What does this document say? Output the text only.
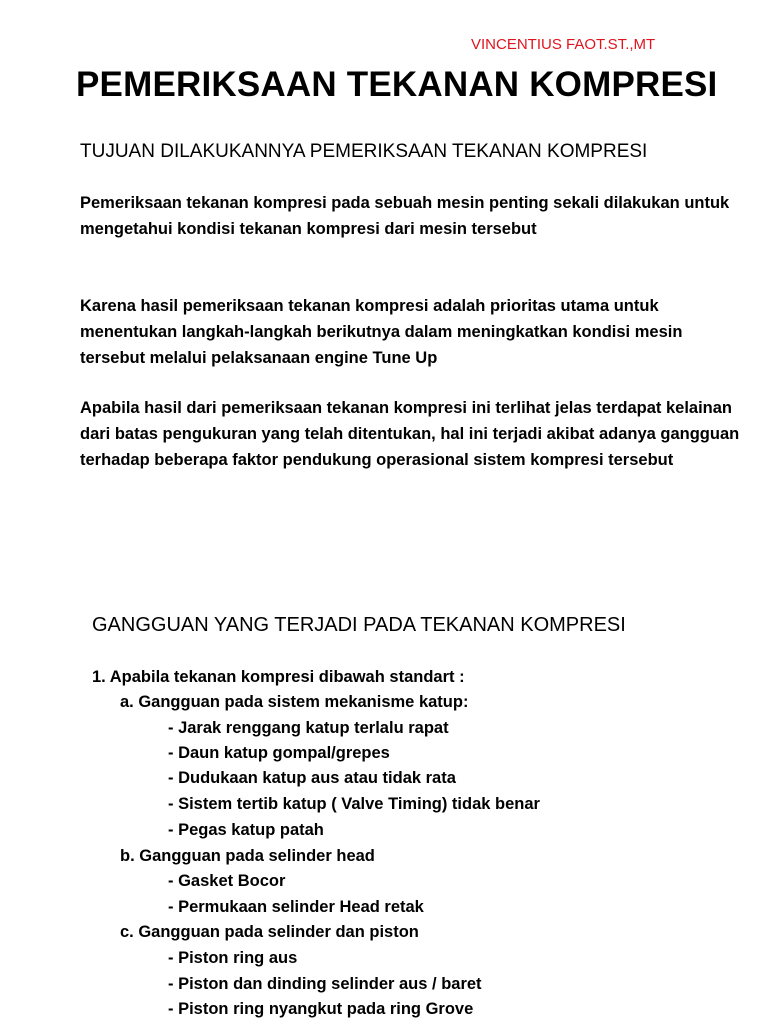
VINCENTIUS FAOT.ST.,MT
PEMERIKSAAN TEKANAN KOMPRESI
TUJUAN DILAKUKANNYA PEMERIKSAAN TEKANAN KOMPRESI
Pemeriksaan tekanan kompresi pada sebuah mesin penting sekali dilakukan untuk mengetahui kondisi tekanan kompresi dari mesin tersebut
Karena hasil pemeriksaan tekanan kompresi adalah prioritas utama untuk menentukan langkah-langkah berikutnya dalam meningkatkan kondisi mesin tersebut melalui pelaksanaan engine Tune Up
Apabila hasil dari pemeriksaan tekanan kompresi ini terlihat jelas terdapat kelainan dari batas pengukuran yang telah ditentukan, hal ini terjadi akibat adanya gangguan terhadap beberapa faktor pendukung operasional sistem kompresi tersebut
GANGGUAN YANG TERJADI PADA TEKANAN KOMPRESI
1. Apabila tekanan kompresi dibawah standart :
a. Gangguan pada sistem mekanisme katup:
- Jarak renggang katup terlalu rapat
- Daun katup gompal/grepes
- Dudukaan katup aus atau tidak rata
- Sistem tertib katup ( Valve Timing) tidak benar
- Pegas katup patah
b. Gangguan pada selinder head
- Gasket Bocor
- Permukaan selinder Head retak
c. Gangguan pada selinder dan piston
- Piston ring aus
- Piston dan dinding selinder aus / baret
- Piston ring nyangkut pada ring Grove
